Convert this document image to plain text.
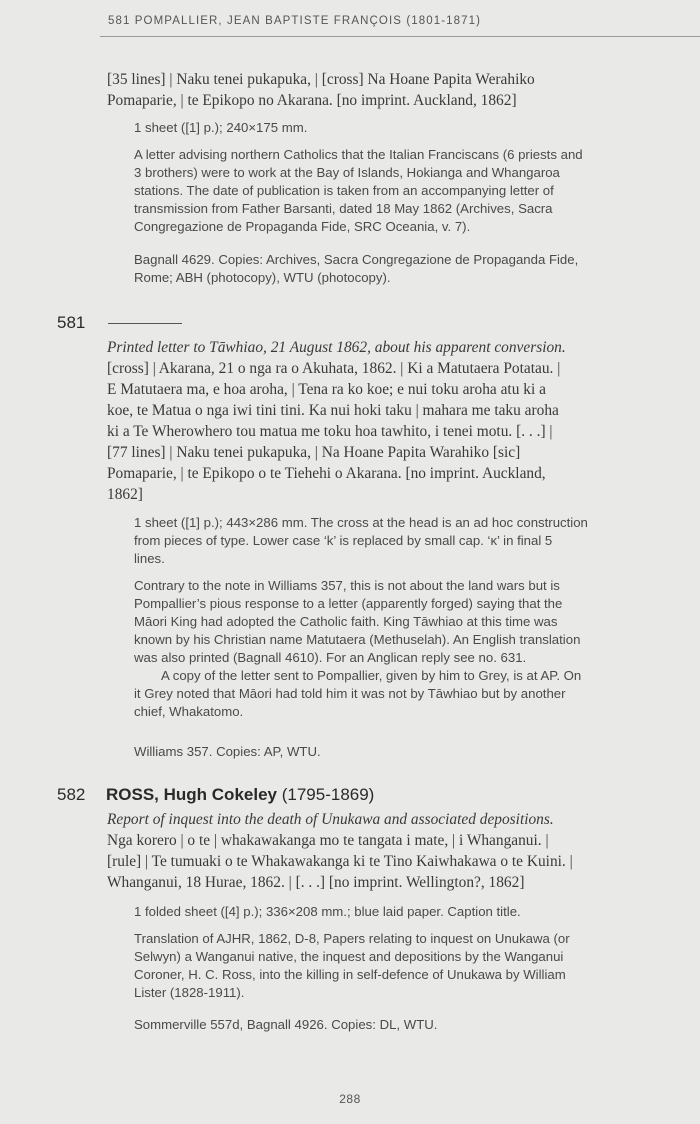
581 POMPALLIER, JEAN BAPTISTE FRANÇOIS (1801-1871)
[35 lines] | Naku tenei pukapuka, | [cross] Na Hoane Papita Werahiko
Pomaparie, | te Epikopo no Akarana. [no imprint. Auckland, 1862]
1 sheet ([1] p.); 240×175 mm.
A letter advising northern Catholics that the Italian Franciscans (6 priests and
3 brothers) were to work at the Bay of Islands, Hokianga and Whangaroa
stations. The date of publication is taken from an accompanying letter of
transmission from Father Barsanti, dated 18 May 1862 (Archives, Sacra
Congregazione de Propaganda Fide, SRC Oceania, v. 7).
Bagnall 4629. Copies: Archives, Sacra Congregazione de Propaganda Fide,
Rome; ABH (photocopy), WTU (photocopy).
581
Printed letter to Tāwhiao, 21 August 1862, about his apparent conversion.
[cross] | Akarana, 21 o nga ra o Akuhata, 1862. | Ki a Matutaera Potatau. |
E Matutaera ma, e hoa aroha, | Tena ra ko koe; e nui toku aroha atu ki a
koe, te Matua o nga iwi tini tini. Ka nui hoki taku | mahara me taku aroha
ki a Te Wherowhero tou matua me toku hoa tawhito, i tenei motu. [. . .] |
[77 lines] | Naku tenei pukapuka, | Na Hoane Papita Warahiko [sic]
Pomaparie, | te Epikopo o te Tiehehi o Akarana. [no imprint. Auckland,
1862]
1 sheet ([1] p.); 443×286 mm. The cross at the head is an ad hoc construction
from pieces of type. Lower case ‘k’ is replaced by small cap. ‘ᴋ’ in final 5
lines.
Contrary to the note in Williams 357, this is not about the land wars but is
Pompallier’s pious response to a letter (apparently forged) saying that the
Māori King had adopted the Catholic faith. King Tāwhiao at this time was
known by his Christian name Matutaera (Methuselah). An English translation
was also printed (Bagnall 4610). For an Anglican reply see no. 631.
A copy of the letter sent to Pompallier, given by him to Grey, is at AP. On
it Grey noted that Māori had told him it was not by Tāwhiao but by another
chief, Whakatomo.
Williams 357. Copies: AP, WTU.
582 ROSS, Hugh Cokeley (1795-1869)
Report of inquest into the death of Unukawa and associated depositions.
Nga korero | o te | whakawakanga mo te tangata i mate, | i Whanganui. |
[rule] | Te tumuaki o te Whakawakanga ki te Tino Kaiwhakawa o te Kuini. |
Whanganui, 18 Hurae, 1862. | [. . .] [no imprint. Wellington?, 1862]
1 folded sheet ([4] p.); 336×208 mm.; blue laid paper. Caption title.
Translation of AJHR, 1862, D-8, Papers relating to inquest on Unukawa (or
Selwyn) a Wanganui native, the inquest and depositions by the Wanganui
Coroner, H. C. Ross, into the killing in self-defence of Unukawa by William
Lister (1828-1911).
Sommerville 557d, Bagnall 4926. Copies: DL, WTU.
288
